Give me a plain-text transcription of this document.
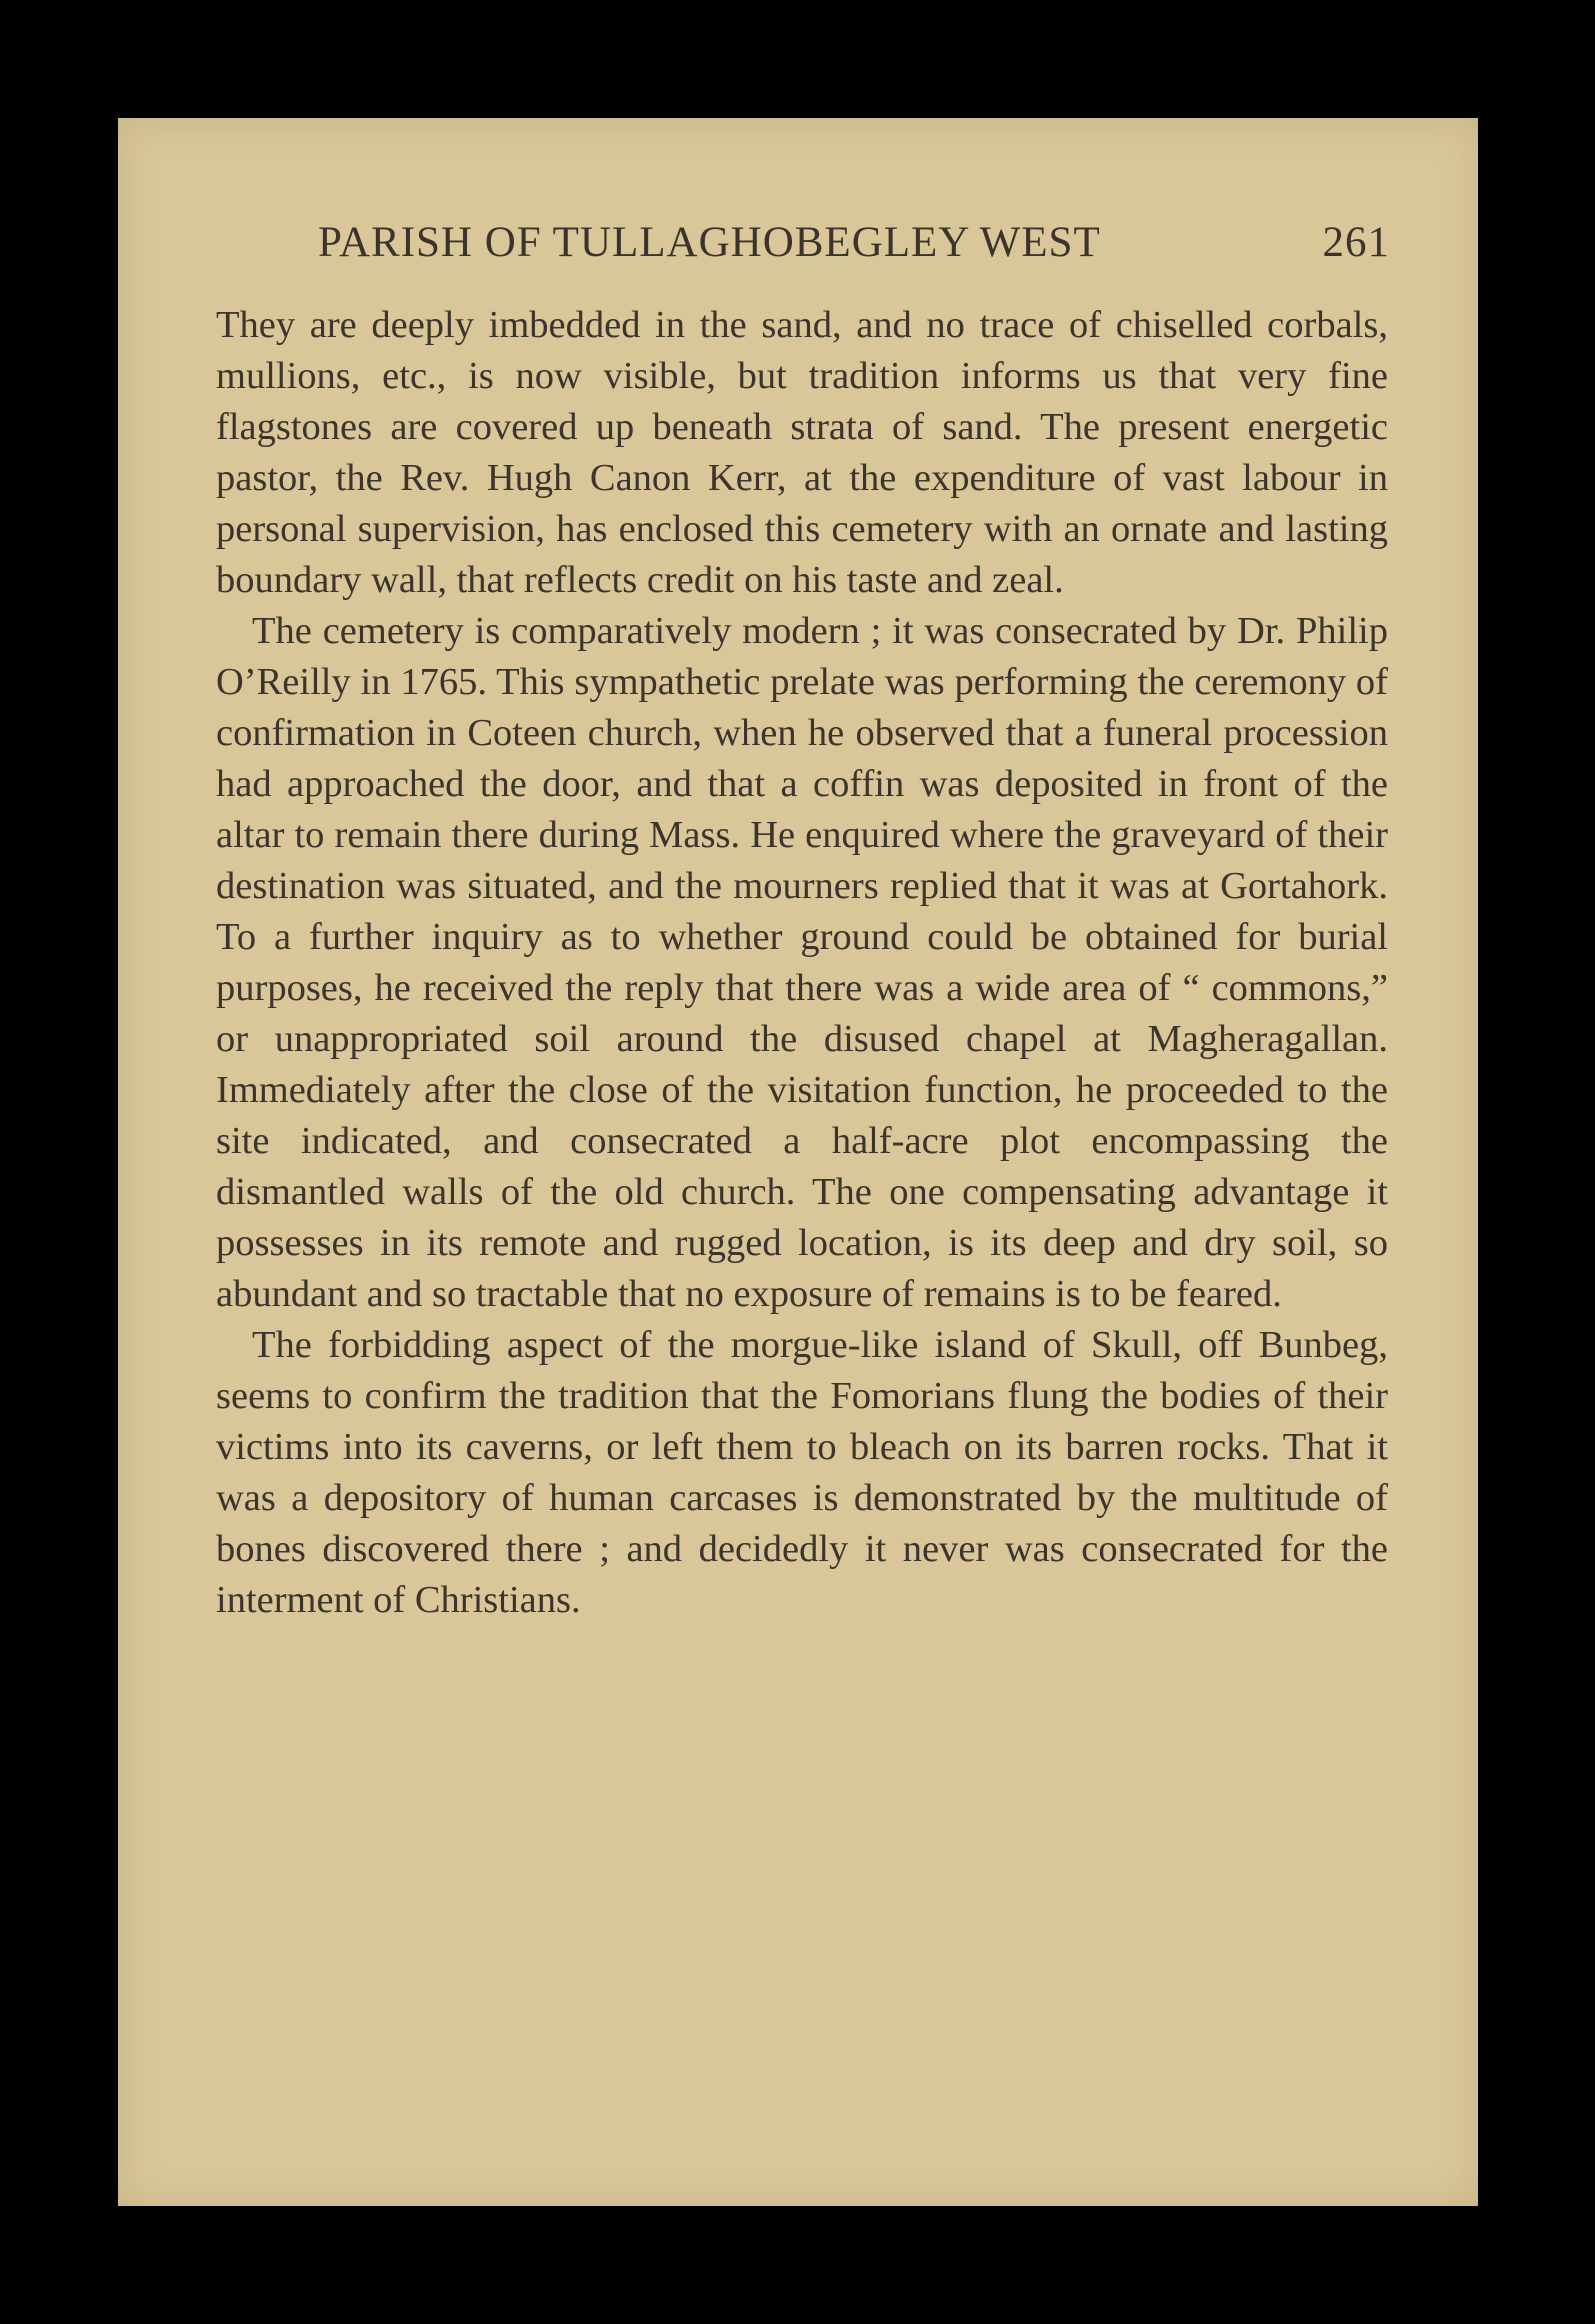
PARISH OF TULLAGHOBEGLEY WEST	261

They are deeply imbedded in the sand, and no trace of chiselled corbals, mullions, etc., is now visible, but tradition informs us that very fine flagstones are covered up beneath strata of sand. The present energetic pastor, the Rev. Hugh Canon Kerr, at the expenditure of vast labour in personal supervision, has enclosed this cemetery with an ornate and lasting boundary wall, that reflects credit on his taste and zeal.

The cemetery is comparatively modern ; it was consecrated by Dr. Philip O’Reilly in 1765. This sympathetic prelate was performing the ceremony of confirmation in Coteen church, when he observed that a funeral procession had approached the door, and that a coffin was deposited in front of the altar to remain there during Mass. He enquired where the graveyard of their destination was situated, and the mourners replied that it was at Gortahork. To a further inquiry as to whether ground could be obtained for burial purposes, he received the reply that there was a wide area of “ commons,” or unappropriated soil around the disused chapel at Magheragallan. Immediately after the close of the visitation function, he proceeded to the site indicated, and consecrated a half-acre plot encompassing the dismantled walls of the old church. The one compensating advantage it possesses in its remote and rugged location, is its deep and dry soil, so abundant and so tractable that no exposure of remains is to be feared.

The forbidding aspect of the morgue-like island of Skull, off Bunbeg, seems to confirm the tradition that the Fomorians flung the bodies of their victims into its caverns, or left them to bleach on its barren rocks. That it was a depository of human carcases is demonstrated by the multitude of bones discovered there ; and decidedly it never was consecrated for the interment of Christians.
